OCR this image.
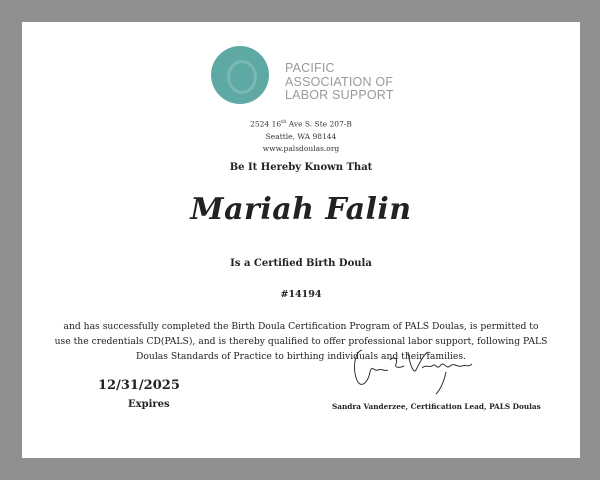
PACIFIC
ASSOCIATION OF
LABOR SUPPORT
2524 16th Ave S. Ste 207-B
Seattle, WA 98144
www.palsdoulas.org
Be It Hereby Known That
Mariah Falin
Is a Certified Birth Doula
#14194
and has successfully completed the Birth Doula Certification Program of PALS Doulas, is permitted to use the credentials CD(PALS), and is thereby qualified to offer professional labor support, following PALS Doulas Standards of Practice to birthing individuals and their families.
12/31/2025
Expires	Sandra Vanderzee, Certification Lead, PALS Doulas
